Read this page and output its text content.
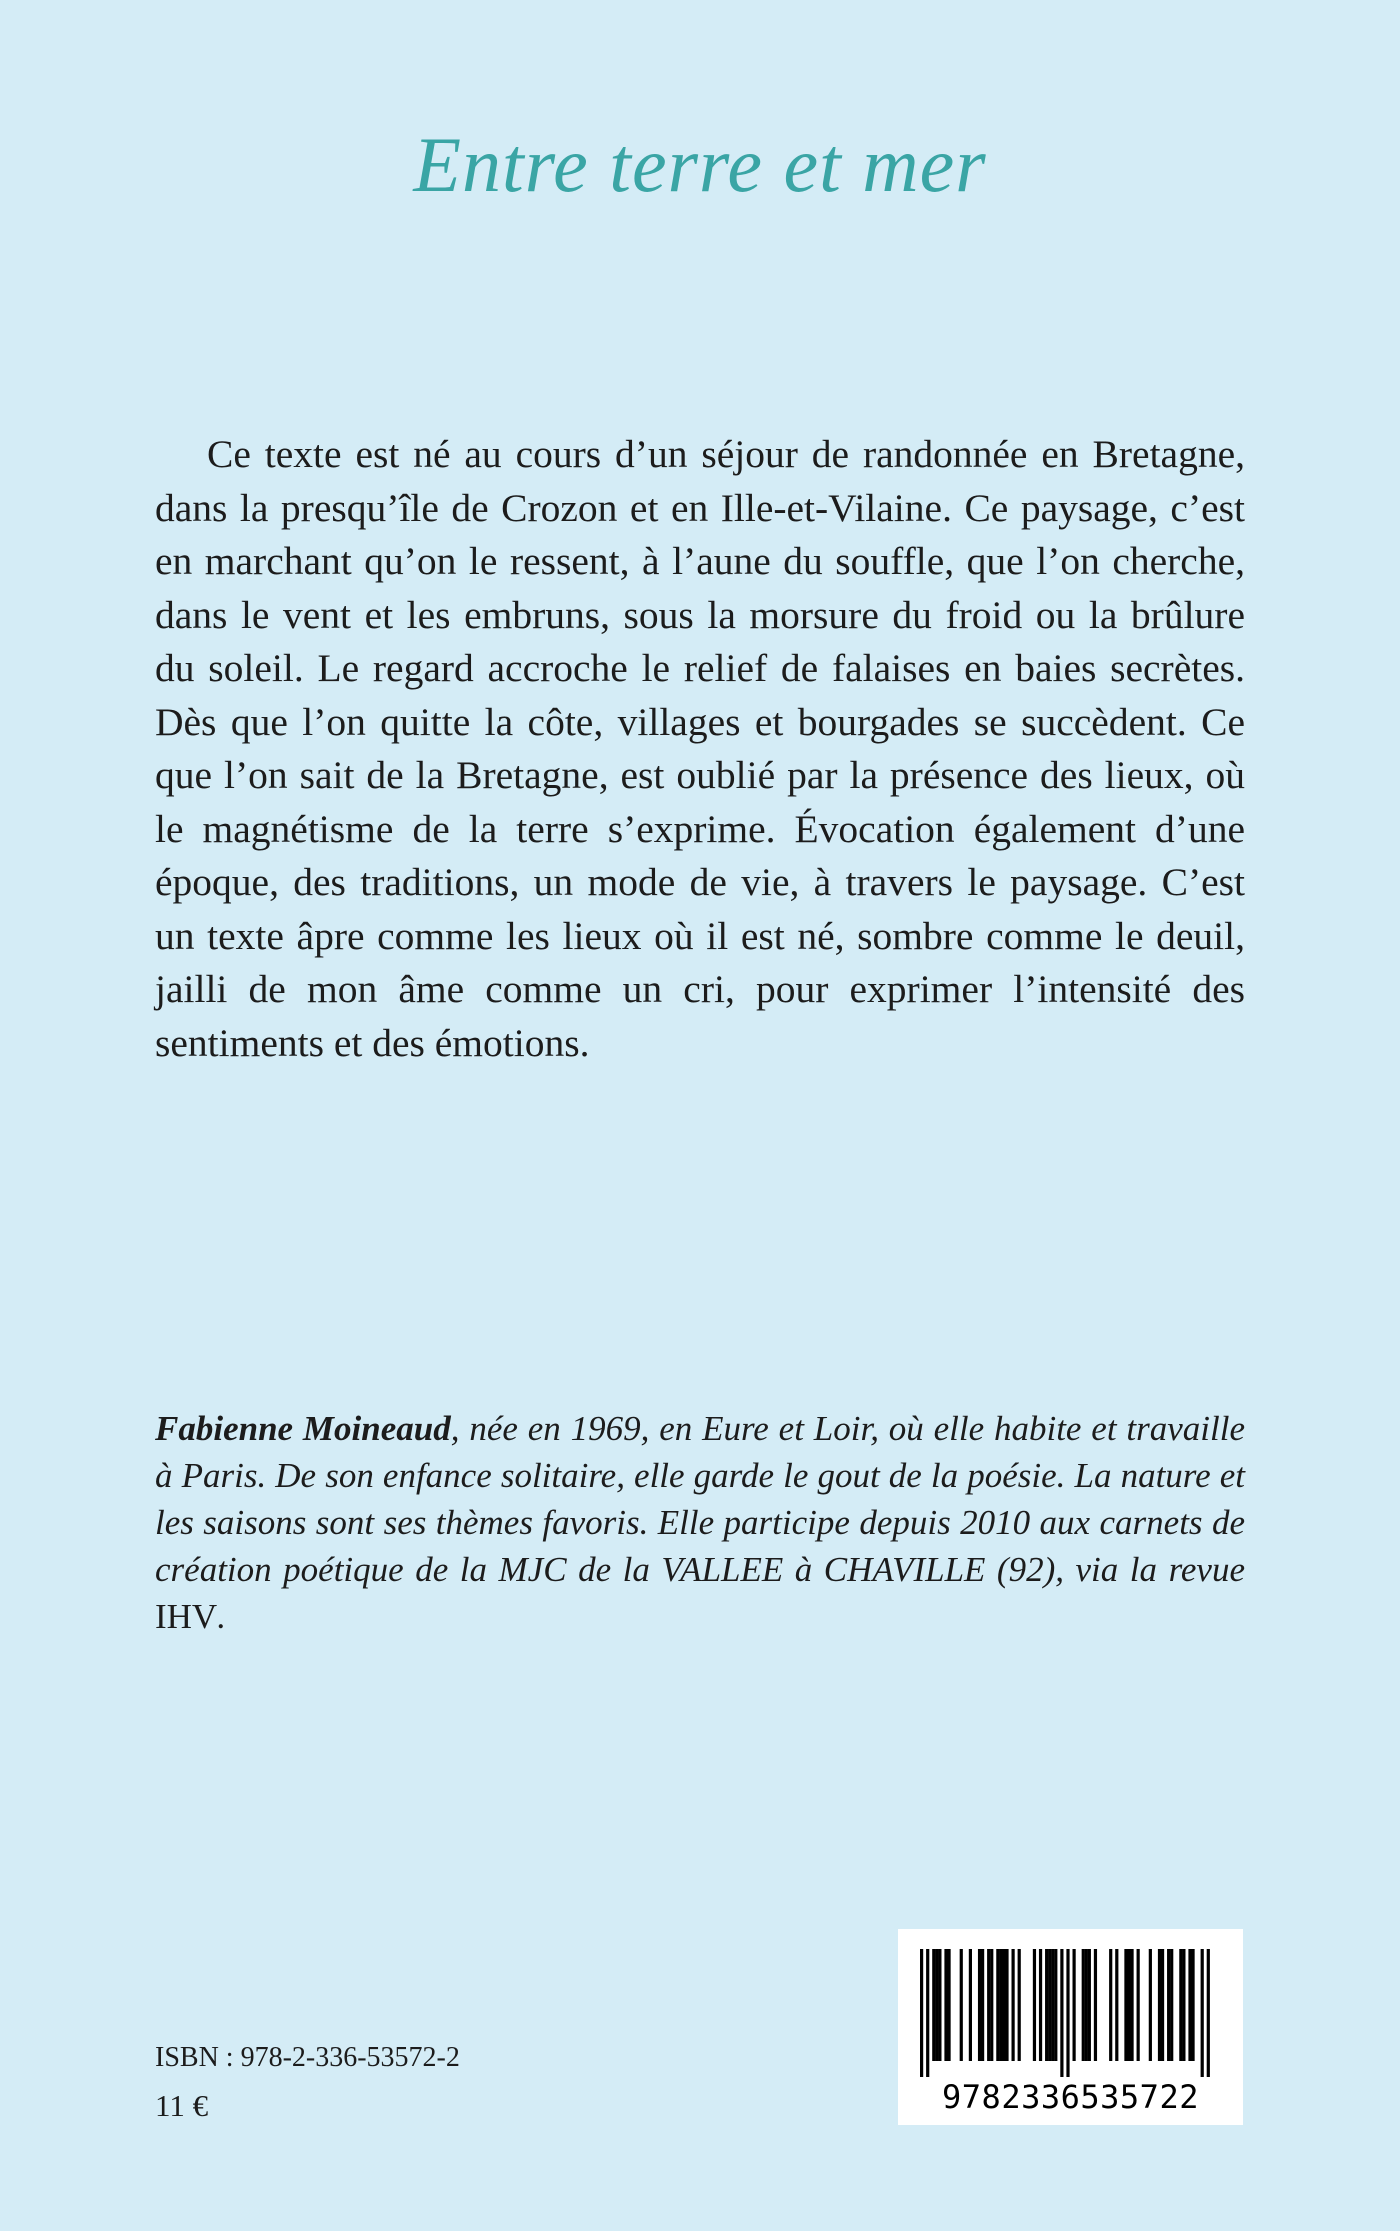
Entre terre et mer

Ce texte est né au cours d’un séjour de randonnée en Bretagne, dans la presqu’île de Crozon et en Ille-et-Vilaine. Ce paysage, c’est en marchant qu’on le ressent, à l’aune du souffle, que l’on cherche, dans le vent et les embruns, sous la morsure du froid ou la brûlure du soleil. Le regard accroche le relief de falaises en baies secrètes. Dès que l’on quitte la côte, villages et bourgades se succèdent. Ce que l’on sait de la Bretagne, est oublié par la présence des lieux, où le magnétisme de la terre s’exprime. Évocation également d’une époque, des traditions, un mode de vie, à travers le paysage. C’est un texte âpre comme les lieux où il est né, sombre comme le deuil, jailli de mon âme comme un cri, pour exprimer l’intensité des sentiments et des émotions.

Fabienne Moineaud, née en 1969, en Eure et Loir, où elle habite et travaille à Paris. De son enfance solitaire, elle garde le gout de la poésie. La nature et les saisons sont ses thèmes favoris. Elle participe depuis 2010 aux carnets de création poétique de la MJC de la VALLEE à CHAVILLE (92), via la revue IHV.

ISBN : 978-2-336-53572-2

11 €	9782336535722
